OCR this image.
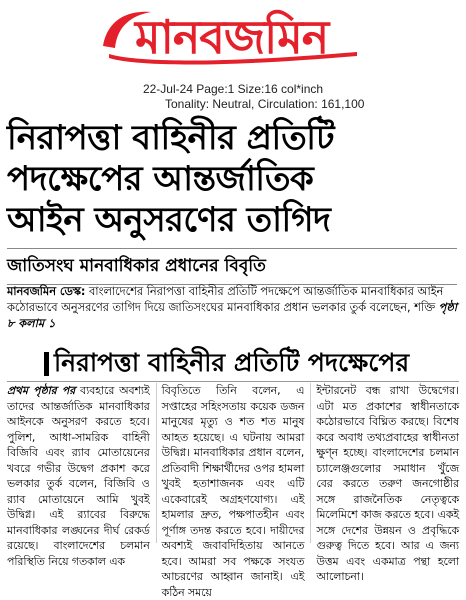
মানবজমিন
22-Jul-24 Page:1 Size:16 col*inch
Tonality: Neutral, Circulation: 161,100
নিরাপত্তা বাহিনীর প্রতিটি
পদক্ষেপের আন্তর্জাতিক
আইন অনুসরণের তাগিদ
জাতিসংঘ মানবাধিকার প্রধানের বিবৃতি
মানবজমিন ডেস্ক: বাংলাদেশের নিরাপত্তা বাহিনীর প্রতিটি পদক্ষেপে আন্তর্জাতিক মানবাধিকার আইন কঠোরভাবে অনুসরণের তাগিদ দিয়ে জাতিসংঘের মানবাধিকার প্রধান ভলকার তুর্ক বলেছেন, শক্তি পৃষ্ঠা ৮ কলাম ১
নিরাপত্তা বাহিনীর প্রতিটি পদক্ষেপের
প্রথম পৃষ্ঠার পর ব্যবহারে অবশ্যই তাদের আন্তর্জাতিক মানবাধিকার আইনকে অনুসরণ করতে হবে। পুলিশ, আধা-সামরিক বাহিনী বিজিবি এবং র‍্যাব মোতায়েনের খবরে গভীর উদ্বেগ প্রকাশ করে ভলকার তুর্ক বলেন, বিজিবি ও র‍্যাব মোতায়েনে আমি খুবই উদ্বিগ্ন। এই র‍্যাবের বিরুদ্ধে মানবাধিকার লঙ্ঘনের দীর্ঘ রেকর্ড রয়েছে। বাংলাদেশের চলমান পরিস্থিতি নিয়ে গতকাল এক
বিবৃতিতে তিনি বলেন, এ সপ্তাহের সহিংসতায় কয়েক ডজন মানুষের মৃত্যু ও শত শত মানুষ আহত হয়েছে। এ ঘটনায় আমরা উদ্বিগ্ন। মানবাধিকার প্রধান বলেন, প্রতিবাদী শিক্ষার্থীদের ওপর হামলা খুবই হতাশাজনক এবং এটি একেবারেই অগ্রহণযোগ্য। এই হামলার দ্রুত, পক্ষপাতহীন এবং পূর্ণাঙ্গ তদন্ত করতে হবে। দায়ীদের অবশ্যই জবাবদিহিতায় আনতে হবে। আমরা সব পক্ষকে সংযত আচরণের আহ্বান জানাই। এই কঠিন সময়ে
ইন্টারনেট বন্ধ রাখা উদ্বেগের। এটা মত প্রকাশের স্বাধীনতাকে কঠোরভাবে বিঘ্নিত করছে। বিশেষ করে অবাধ তথ্যপ্রবাহের স্বাধীনতা ক্ষুণ্ন হচ্ছে। বাংলাদেশের চলমান চ্যালেঞ্জগুলোর সমাধান খুঁজে বের করতে তরুণ জনগোষ্ঠীর সঙ্গে রাজনৈতিক নেতৃত্বকে মিলেমিশে কাজ করতে হবে। একই সঙ্গে দেশের উন্নয়ন ও প্রবৃদ্ধিকে গুরুত্ব দিতে হবে। আর এ জন্য উত্তম এবং একমাত্র পন্থা হলো আলোচনা।
